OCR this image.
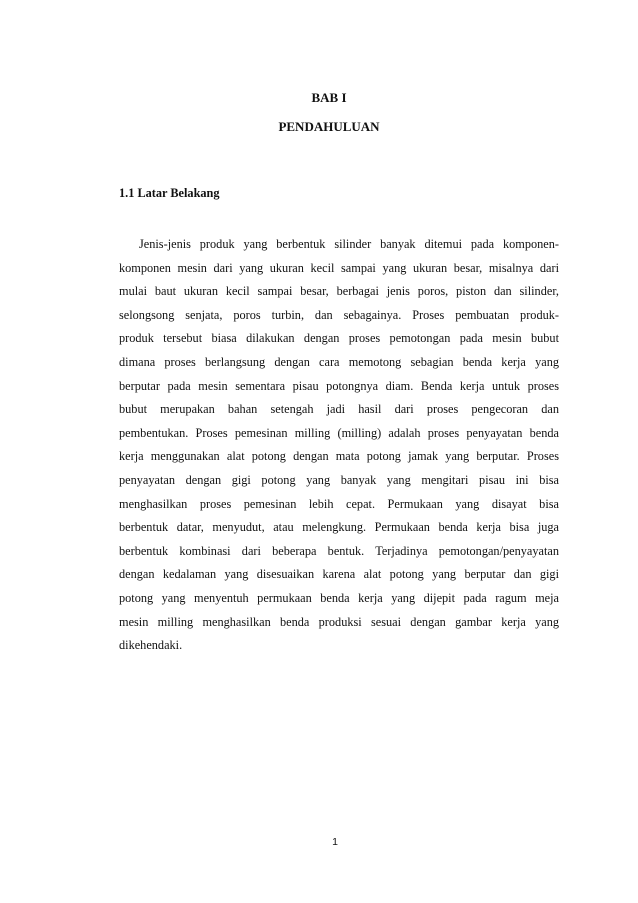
BAB I
PENDAHULUAN
1.1 Latar Belakang

Jenis-jenis produk yang berbentuk silinder banyak ditemui pada komponen-
komponen mesin dari yang ukuran kecil sampai yang ukuran besar, misalnya dari
mulai baut ukuran kecil sampai besar, berbagai jenis poros, piston dan silinder,
selongsong senjata, poros turbin, dan sebagainya. Proses pembuatan produk-
produk tersebut biasa dilakukan dengan proses pemotongan pada mesin bubut
dimana proses berlangsung dengan cara memotong sebagian benda kerja yang
berputar pada mesin sementara pisau potongnya diam. Benda kerja untuk proses
bubut merupakan bahan setengah jadi hasil dari proses pengecoran dan
pembentukan. Proses pemesinan milling (milling) adalah proses penyayatan benda
kerja menggunakan alat potong dengan mata potong jamak yang berputar. Proses
penyayatan dengan gigi potong yang banyak yang mengitari pisau ini bisa
menghasilkan proses pemesinan lebih cepat. Permukaan yang disayat bisa
berbentuk datar, menyudut, atau melengkung. Permukaan benda kerja bisa juga
berbentuk kombinasi dari beberapa bentuk. Terjadinya pemotongan/penyayatan
dengan kedalaman yang disesuaikan karena alat potong yang berputar dan gigi
potong yang menyentuh permukaan benda kerja yang dijepit pada ragum meja
mesin milling menghasilkan benda produksi sesuai dengan gambar kerja yang
dikehendaki.

1
